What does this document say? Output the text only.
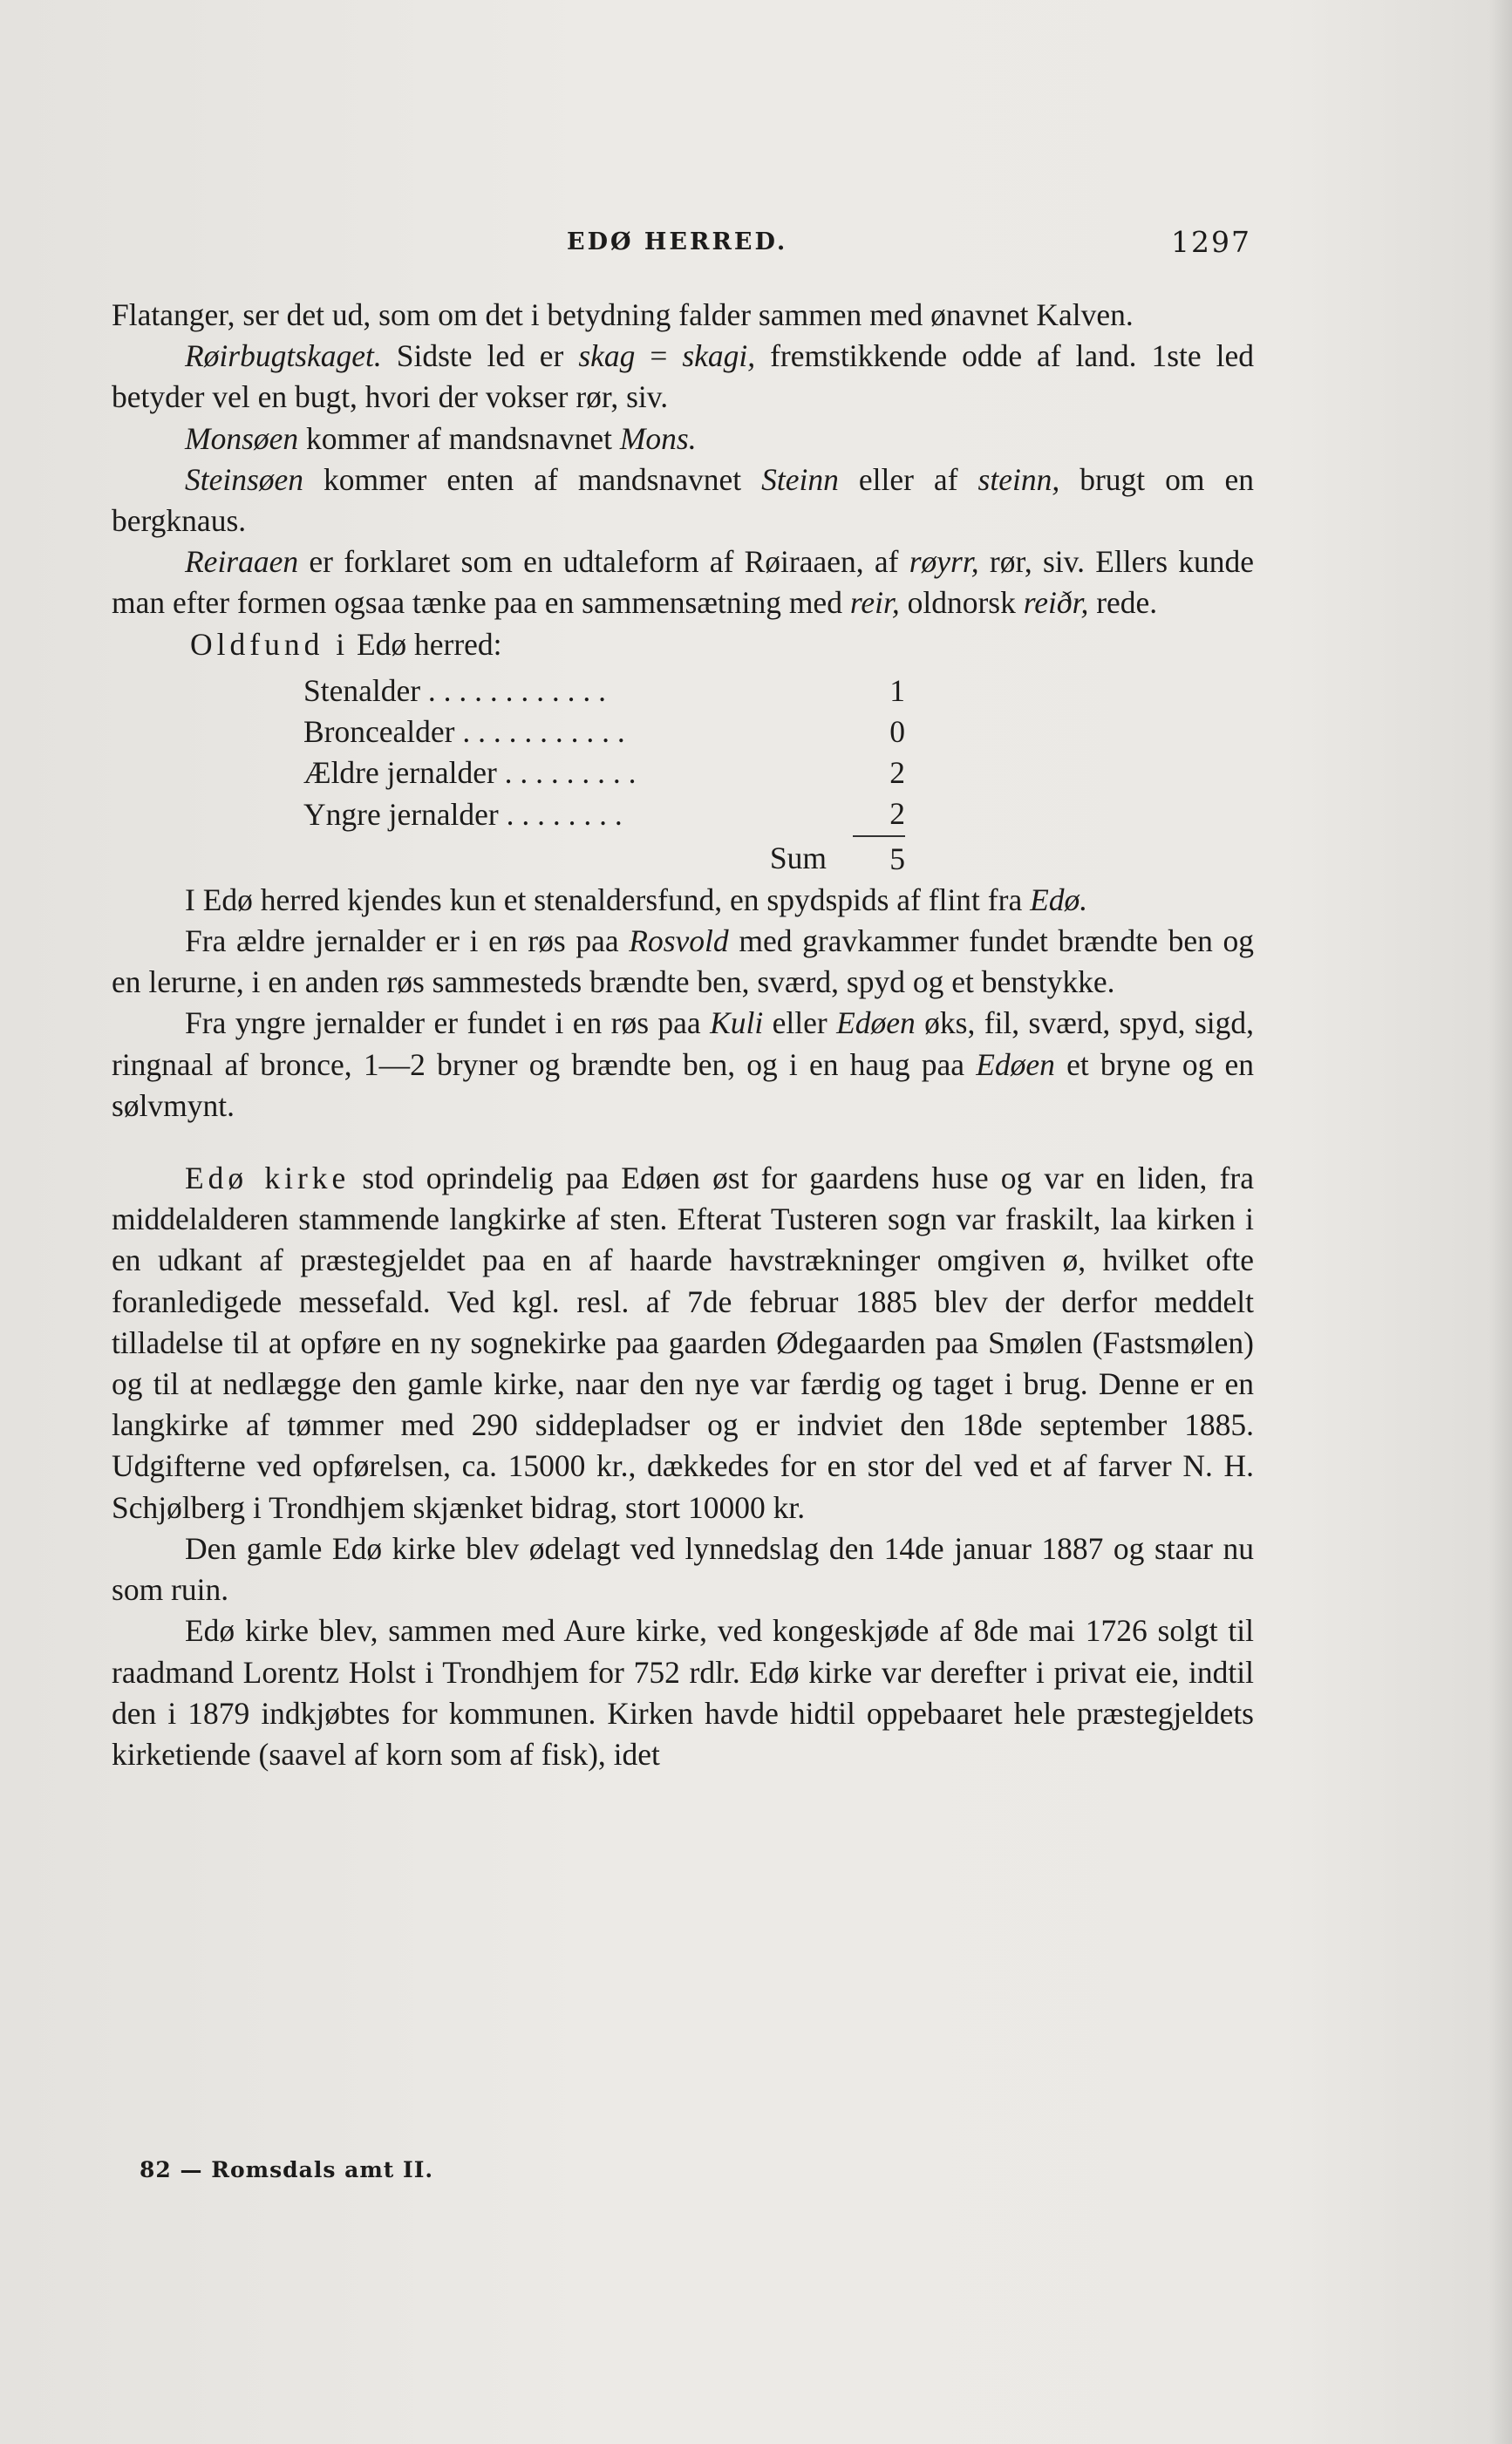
EDØ HERRED.	1297

Flatanger, ser det ud, som om det i betydning falder sammen med ønavnet Kalven.

Røirbugtskaget. Sidste led er skag = skagi, fremstikkende odde af land. 1ste led betyder vel en bugt, hvori der vokser rør, siv.

Monsøen kommer af mandsnavnet Mons.

Steinsøen kommer enten af mandsnavnet Steinn eller af steinn, brugt om en bergknaus.

Reiraaen er forklaret som en udtaleform af Røiraaen, af røyrr, rør, siv. Ellers kunde man efter formen ogsaa tænke paa en sammensætning med reir, oldnorsk reiðr, rede.

Oldfund i Edø herred:

Stenalder . . . . . . . . . . . .	1
Broncealder . . . . . . . . . . .	0
Ældre jernalder . . . . . . . . .	2
Yngre jernalder . . . . . . . .	2
Sum	5

I Edø herred kjendes kun et stenaldersfund, en spydspids af flint fra Edø.

Fra ældre jernalder er i en røs paa Rosvold med gravkammer fundet brændte ben og en lerurne, i en anden røs sammesteds brændte ben, sværd, spyd og et benstykke.

Fra yngre jernalder er fundet i en røs paa Kuli eller Edøen øks, fil, sværd, spyd, sigd, ringnaal af bronce, 1—2 bryner og brændte ben, og i en haug paa Edøen et bryne og en sølvmynt.

Edø kirke stod oprindelig paa Edøen øst for gaardens huse og var en liden, fra middelalderen stammende langkirke af sten. Efterat Tusteren sogn var fraskilt, laa kirken i en udkant af præstegjeldet paa en af haarde havstrækninger omgiven ø, hvilket ofte foranledigede messefald. Ved kgl. resl. af 7de februar 1885 blev der derfor meddelt tilladelse til at opføre en ny sognekirke paa gaarden Ødegaarden paa Smølen (Fastsmølen) og til at nedlægge den gamle kirke, naar den nye var færdig og taget i brug. Denne er en langkirke af tømmer med 290 siddepladser og er indviet den 18de september 1885. Udgifterne ved opførelsen, ca. 15000 kr., dækkedes for en stor del ved et af farver N. H. Schjølberg i Trondhjem skjænket bidrag, stort 10000 kr.

Den gamle Edø kirke blev ødelagt ved lynnedslag den 14de januar 1887 og staar nu som ruin.

Edø kirke blev, sammen med Aure kirke, ved kongeskjøde af 8de mai 1726 solgt til raadmand Lorentz Holst i Trondhjem for 752 rdlr. Edø kirke var derefter i privat eie, indtil den i 1879 indkjøbtes for kommunen. Kirken havde hidtil oppebaaret hele præstegjeldets kirketiende (saavel af korn som af fisk), idet

82 — Romsdals amt II.
